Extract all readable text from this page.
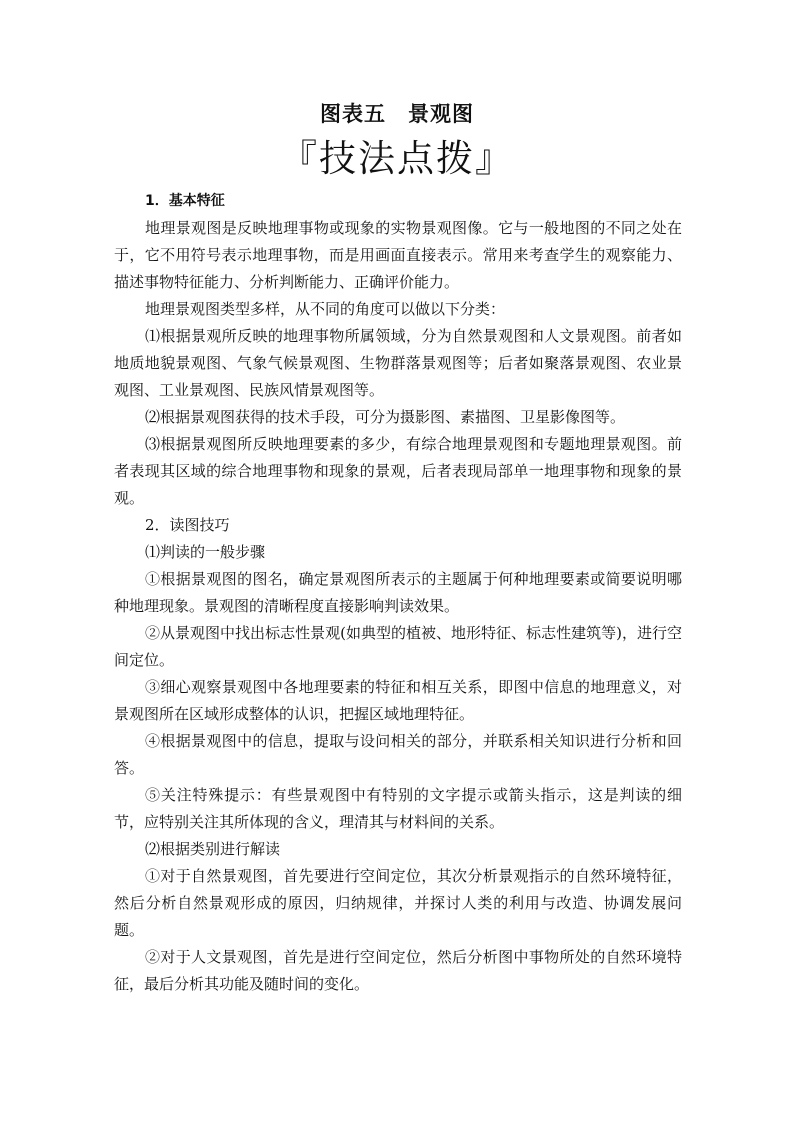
图表五　景观图
『技法点拨』

1．基本特征

地理景观图是反映地理事物或现象的实物景观图像。它与一般地图的不同之处在于，它不用符号表示地理事物，而是用画面直接表示。常用来考查学生的观察能力、描述事物特征能力、分析判断能力、正确评价能力。

地理景观图类型多样，从不同的角度可以做以下分类：

⑴根据景观所反映的地理事物所属领域，分为自然景观图和人文景观图。前者如地质地貌景观图、气象气候景观图、生物群落景观图等；后者如聚落景观图、农业景观图、工业景观图、民族风情景观图等。

⑵根据景观图获得的技术手段，可分为摄影图、素描图、卫星影像图等。

⑶根据景观图所反映地理要素的多少，有综合地理景观图和专题地理景观图。前者表现其区域的综合地理事物和现象的景观，后者表现局部单一地理事物和现象的景观。

2．读图技巧

⑴判读的一般步骤

①根据景观图的图名，确定景观图所表示的主题属于何种地理要素或简要说明哪种地理现象。景观图的清晰程度直接影响判读效果。

②从景观图中找出标志性景观(如典型的植被、地形特征、标志性建筑等)，进行空间定位。

③细心观察景观图中各地理要素的特征和相互关系，即图中信息的地理意义，对景观图所在区域形成整体的认识，把握区域地理特征。

④根据景观图中的信息，提取与设问相关的部分，并联系相关知识进行分析和回答。

⑤关注特殊提示：有些景观图中有特别的文字提示或箭头指示，这是判读的细节，应特别关注其所体现的含义，理清其与材料间的关系。

⑵根据类别进行解读

①对于自然景观图，首先要进行空间定位，其次分析景观指示的自然环境特征，然后分析自然景观形成的原因，归纳规律，并探讨人类的利用与改造、协调发展问题。

②对于人文景观图，首先是进行空间定位，然后分析图中事物所处的自然环境特征，最后分析其功能及随时间的变化。
